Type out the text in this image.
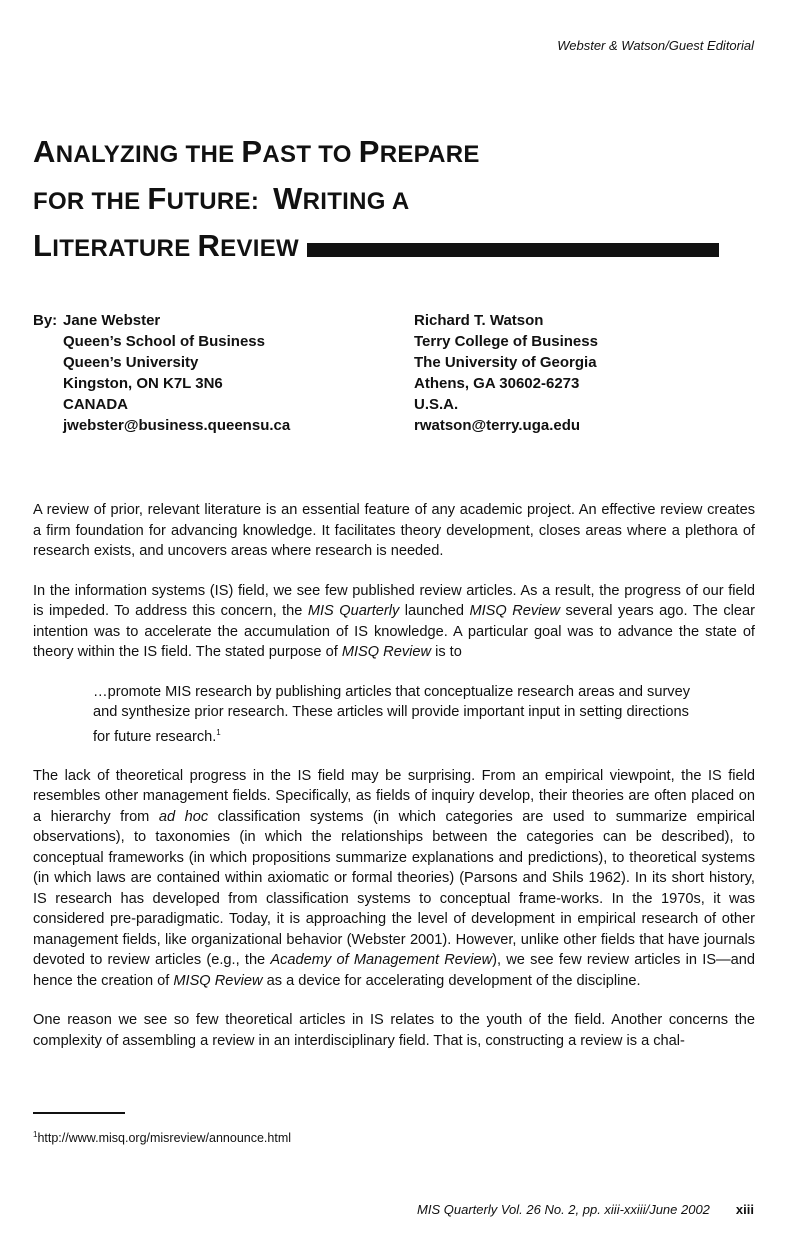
Webster & Watson/Guest Editorial
ANALYZING THE PAST TO PREPARE
FOR THE FUTURE:  WRITING A
LITERATURE REVIEW
By: Jane Webster
Queen’s School of Business
Queen’s University
Kingston, ON K7L 3N6
CANADA
jwebster@business.queensu.ca
Richard T. Watson
Terry College of Business
The University of Georgia
Athens, GA 30602-6273
U.S.A.
rwatson@terry.uga.edu

A review of prior, relevant literature is an essential feature of any academic project. An effective review creates a firm foundation for advancing knowledge. It facilitates theory development, closes areas where a plethora of research exists, and uncovers areas where research is needed.

In the information systems (IS) field, we see few published review articles. As a result, the progress of our field is impeded. To address this concern, the MIS Quarterly launched MISQ Review several years ago. The clear intention was to accelerate the accumulation of IS knowledge. A particular goal was to advance the state of theory within the IS field. The stated purpose of MISQ Review is to

…promote MIS research by publishing articles that conceptualize research areas and survey and synthesize prior research. These articles will provide important input in setting directions for future research.$^1$

The lack of theoretical progress in the IS field may be surprising. From an empirical viewpoint, the IS field resembles other management fields. Specifically, as fields of inquiry develop, their theories are often placed on a hierarchy from ad hoc classification systems (in which categories are used to summarize empirical observations), to taxonomies (in which the relationships between the categories can be described), to conceptual frameworks (in which propositions summarize explanations and predictions), to theoretical systems (in which laws are contained within axiomatic or formal theories) (Parsons and Shils 1962). In its short history, IS research has developed from classification systems to conceptual frame-works. In the 1970s, it was considered pre-paradigmatic. Today, it is approaching the level of development in empirical research of other management fields, like organizational behavior (Webster 2001). However, unlike other fields that have journals devoted to review articles (e.g., the Academy of Management Review), we see few review articles in IS—and hence the creation of MISQ Review as a device for accelerating development of the discipline.

One reason we see so few theoretical articles in IS relates to the youth of the field. Another concerns the complexity of assembling a review in an interdisciplinary field. That is, constructing a review is a chal-

$^1$http://www.misq.org/misreview/announce.html
MIS Quarterly Vol. 26 No. 2, pp. xiii-xxiii/June 2002 xiii
